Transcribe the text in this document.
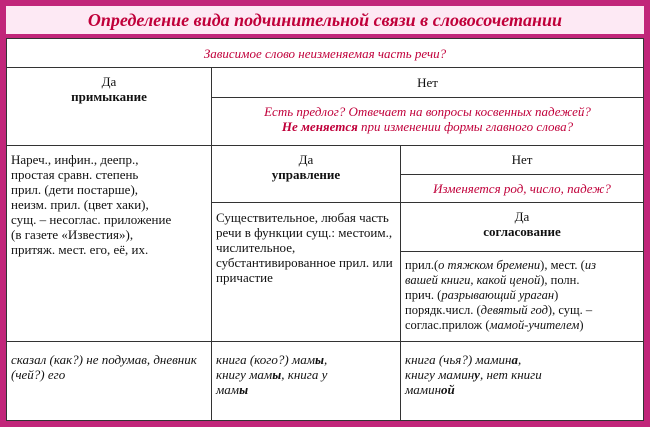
Определение вида подчинительной связи в словосочетании
Зависимое слово неизменяемая часть речи?
Да
примыкание
Нет
Есть предлог? Отвечает на вопросы косвенных падежей?
Не меняется при изменении формы главного слова?
Нареч., инфин., деепр.,
простая сравн. степень
прил. (дети постарше),
неизм. прил. (цвет хаки),
сущ. – несоглас. приложение
(в газете «Известия»),
притяж. мест. его, её, их.
Да
управление
Нет
Изменяется род, число, падеж?
Существительное, любая часть речи в функции сущ.: местоим., числительное, субстантивированное прил. или причастие
Да
согласование
прил.(о тяжком бремени), мест. (из
вашей книги, какой ценой), полн.
прич. (разрывающий ураган)
порядк.числ. (девятый год), сущ. –
соглас.прилож (мамой-учителем)
сказал (как?) не подумав, дневник (чей?) его
книга (кого?) мамы,
книгу мамы, книга у
мамы
книга (чья?) мамина,
книгу мамину, нет книги
маминой
